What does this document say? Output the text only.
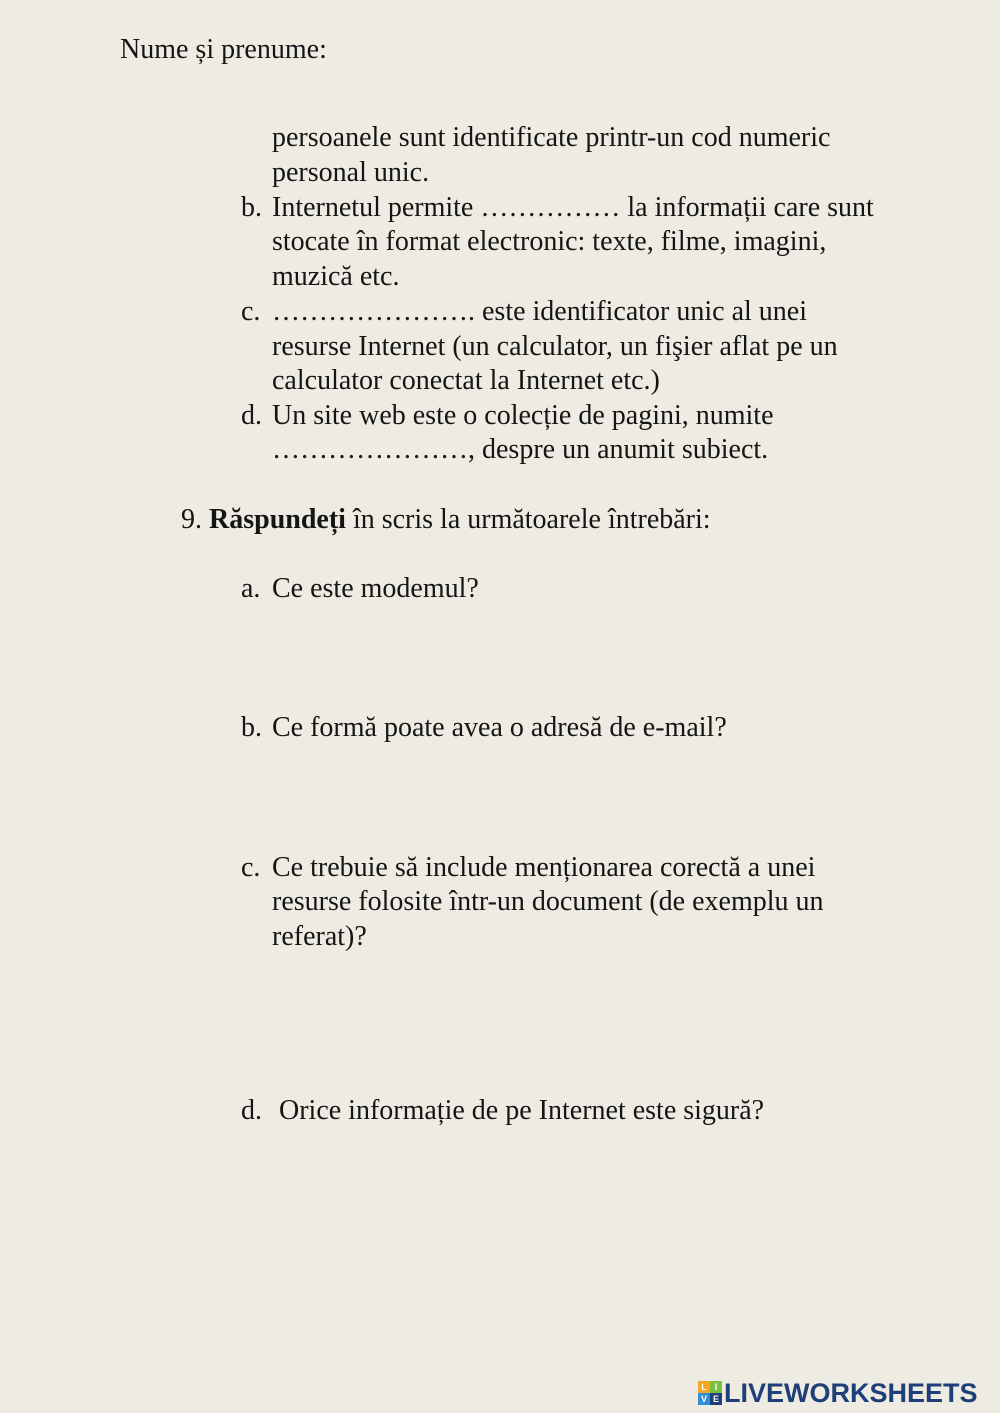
Nume și prenume:
persoanele sunt identificate printr-un cod numeric
personal unic.
b. Internetul permite …………… la informații care sunt
stocate în format electronic: texte, filme, imagini,
muzică etc.
c. …………………. este identificator unic al unei
resurse Internet (un calculator, un fişier aflat pe un
calculator conectat la Internet etc.)
d. Un site web este o colecție de pagini, numite
…………………, despre un anumit subiect.
9. Răspundeți în scris la următoarele întrebări:
a. Ce este modemul?
b. Ce formă poate avea o adresă de e-mail?
c. Ce trebuie să include menționarea corectă a unei
resurse folosite într-un document (de exemplu un
referat)?
d. Orice informație de pe Internet este sigură?
L I
V E LIVEWORKSHEETS
